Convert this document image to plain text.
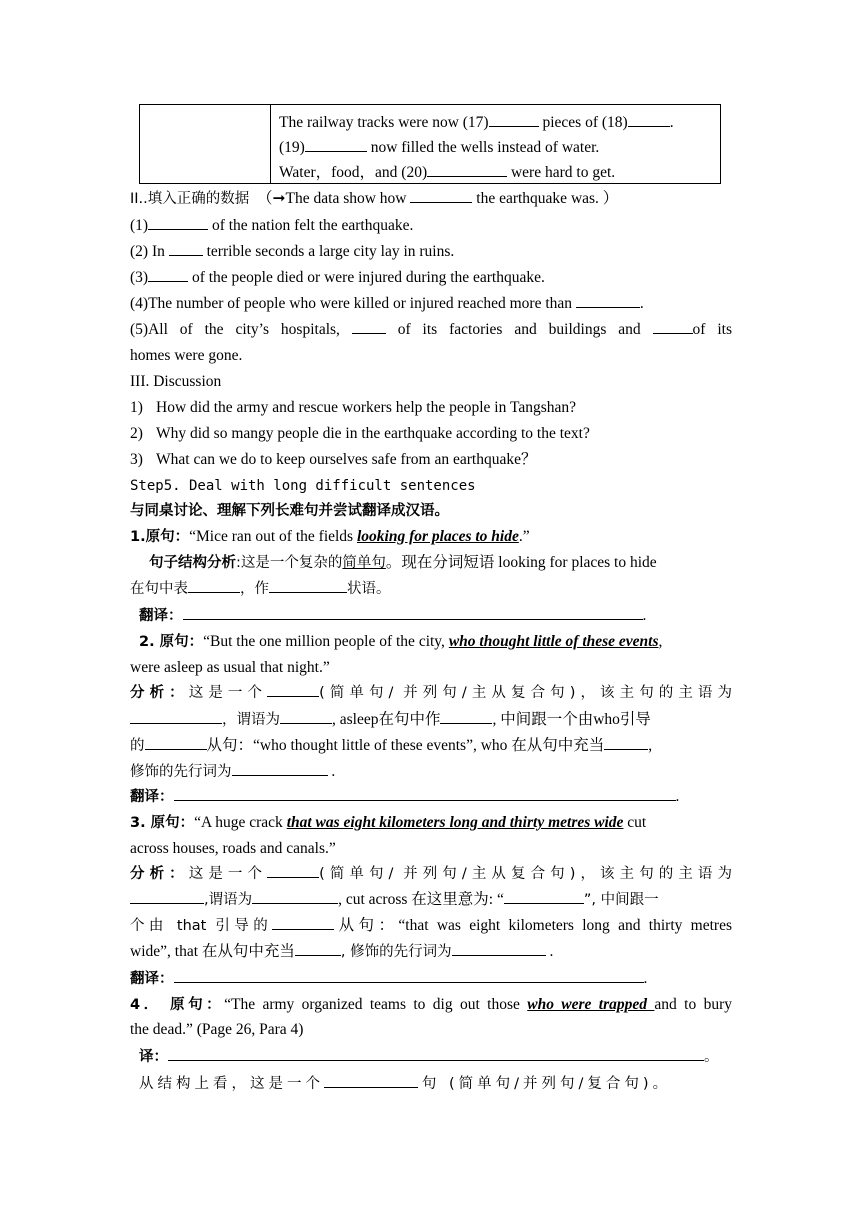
The railway tracks were now (17)	pieces of (18)	.
(19)	now filled the wells instead of water.
Water，food，and (20)	were hard to get.
II..填入正确的数据 （➞The data show how	the earthquake was. ）
(1)	of the nation felt the earthquake.
(2) In  terrible seconds a large city lay in ruins.
(3)	of the people died or were injured during the earthquake.
(4)The number of people who were killed or injured reached more than	.
(5)All of the city’s hospitals,	of its factories and buildings and	of its
homes were gone.
III. Discussion
1) How did the army and rescue workers help the people in Tangshan?
2) Why did so mangy people die in the earthquake according to the text?
3) What can we do to keep ourselves safe from an earthquake？
Step5. Deal with long difficult sentences
与同桌讨论、理解下列长难句并尝试翻译成汉语。
1.原句：“Mice ran out of the fields looking for places to hide.”
句子结构分析:这是一个复杂的简单句。现在分词短语 looking for places to hide
在句中表	，作	状语。
翻译：	.
2. 原句：“But the one million people of the city, who thought little of these events,
were asleep as usual that night.”
分析：这是一个	(简单句/ 并列句/主从复合句)，该主句的主语为
，谓语为	, asleep在句中作	, 中间跟一个由who引导
的	从句：“who thought little of these events”, who 在从句中充当	,
修饰的先行词为	.
翻译：	.
3. 原句：“A huge crack that was eight kilometers long and thirty metres wide cut
across houses, roads and canals.”
分析：这是一个	(简单句/ 并列句/主从复合句)，该主句的主语为
,谓语为	, cut across 在这里意为: “	”, 中间跟一
个由 that 引导的	从句：“that was eight kilometers long and thirty metres
wide”, that 在从句中充当	, 修饰的先行词为	.
翻译：	.
4． 原句：“The army organized teams to dig out those who were trapped and to bury
the dead.” (Page 26, Para 4)
译：	。
从结构上看，这是一个	句 (简单句/并列句/复合句)。
